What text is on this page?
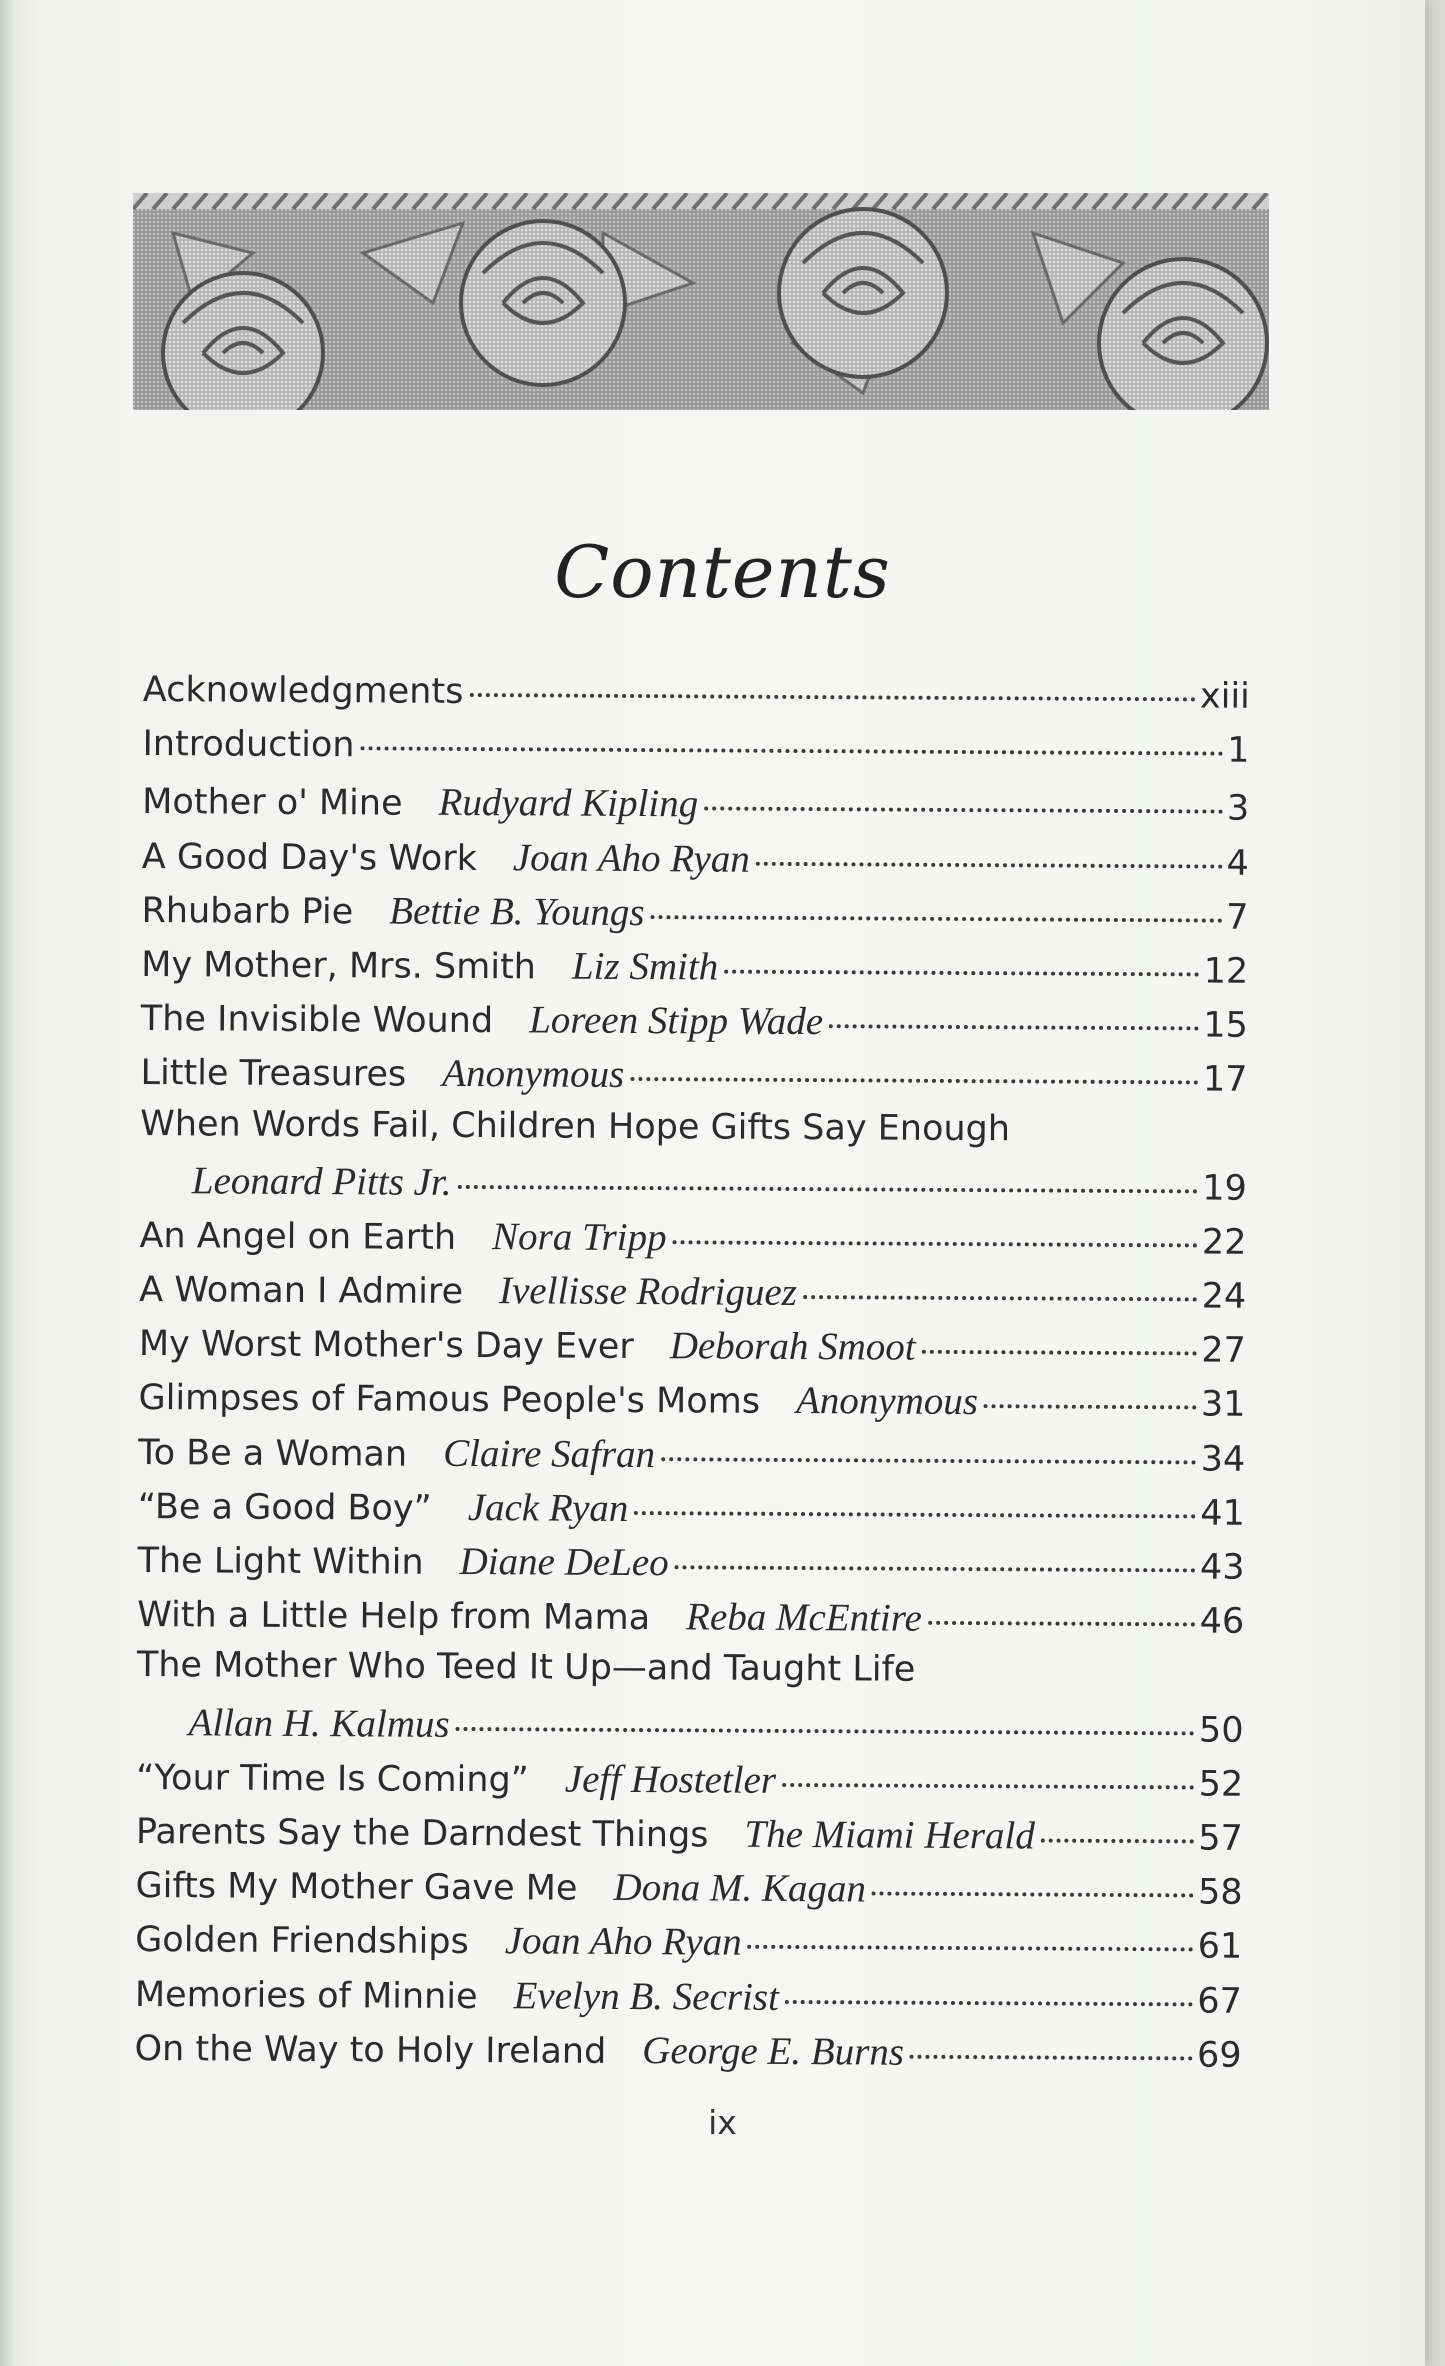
Contents
Acknowledgments	xiii
Introduction	1
Mother o' Mine Rudyard Kipling	3
A Good Day's Work Joan Aho Ryan	4
Rhubarb Pie Bettie B. Youngs	7
My Mother, Mrs. Smith Liz Smith	12
The Invisible Wound Loreen Stipp Wade	15
Little Treasures Anonymous	17
When Words Fail, Children Hope Gifts Say Enough
Leonard Pitts Jr.	19
An Angel on Earth Nora Tripp	22
A Woman I Admire Ivellisse Rodriguez	24
My Worst Mother's Day Ever Deborah Smoot	27
Glimpses of Famous People's Moms Anonymous	31
To Be a Woman Claire Safran	34
“Be a Good Boy” Jack Ryan	41
The Light Within Diane DeLeo	43
With a Little Help from Mama Reba McEntire	46
The Mother Who Teed It Up—and Taught Life
Allan H. Kalmus	50
“Your Time Is Coming” Jeff Hostetler	52
Parents Say the Darndest Things The Miami Herald	57
Gifts My Mother Gave Me Dona M. Kagan	58
Golden Friendships Joan Aho Ryan	61
Memories of Minnie Evelyn B. Secrist	67
On the Way to Holy Ireland George E. Burns	69
ix
